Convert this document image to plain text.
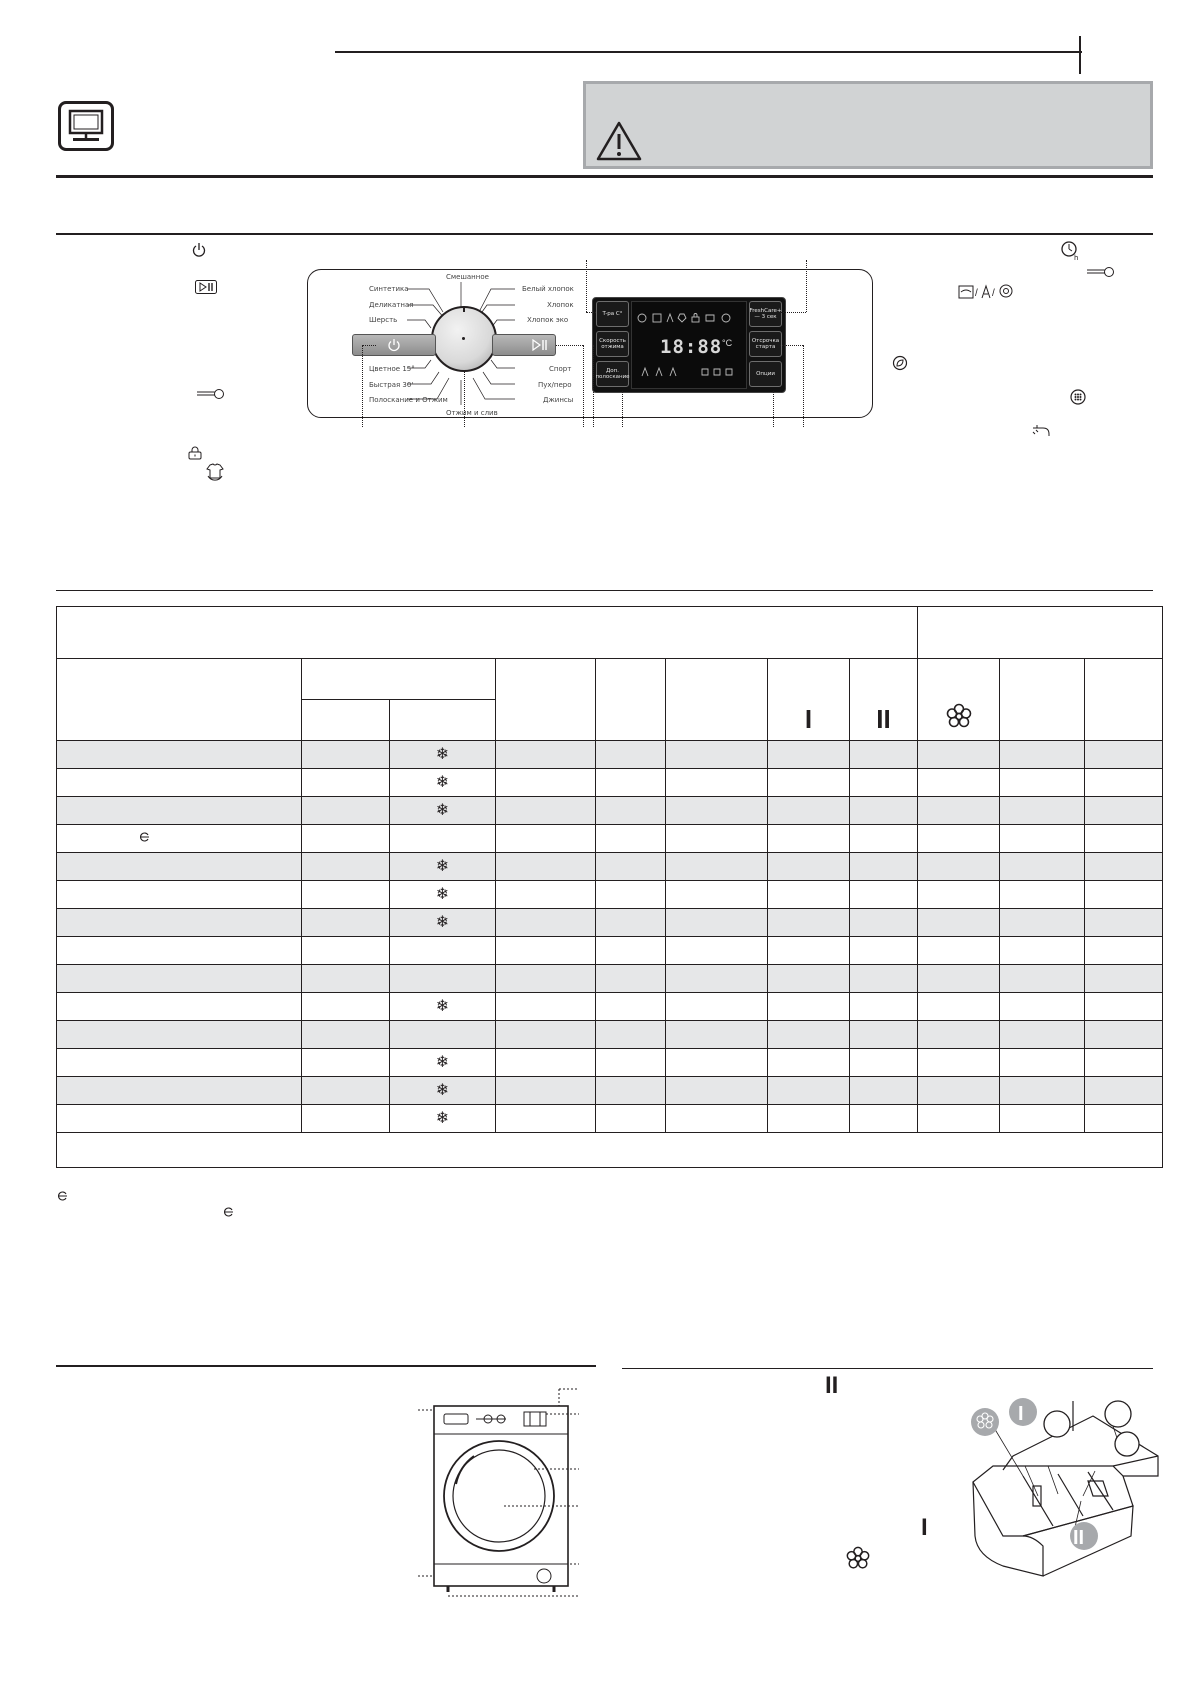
h
/ /
Смешанное
Синтетика
Деликатная
Шерсть
Цветное 15°
Быстрая 30'
Полоскание и Отжим
Белый хлопок
Хлопок
Хлопок эко
Спорт
Пух/перо
Джинсы
Отжим и слив
T-ра C°
Скорость отжима
Доп. полоскание
FreshCare+ — 3 сек
Отсрочка старта
Опции
18:88 °C

						I	II	
		❄								
		❄								
		❄								

		❄								
		❄								
		❄								

		❄								

		❄								
		❄								
		❄								

II
I
I
II
